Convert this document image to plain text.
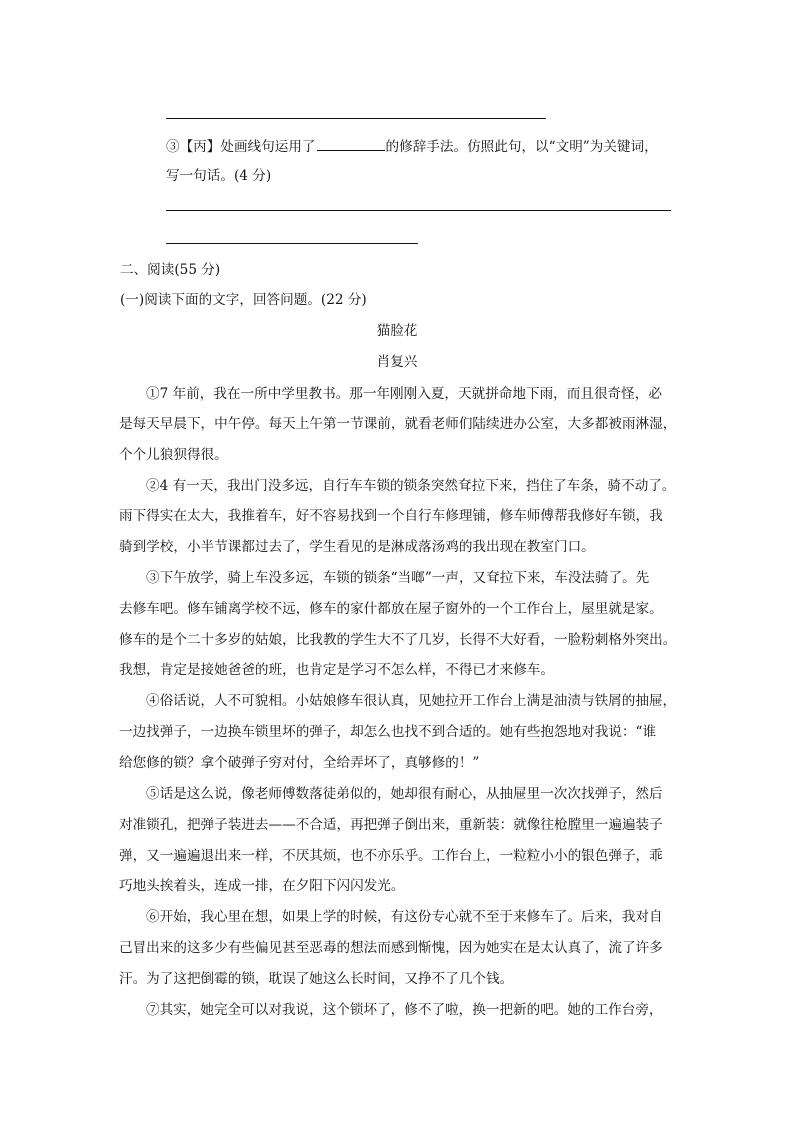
③【丙】处画线句运用了	的修辞手法。仿照此句，以“文明”为关键词，
写一句话。(4 分)
二、阅读(55 分)
(一)阅读下面的文字，回答问题。(22 分)
猫脸花
肖复兴
①7 年前，我在一所中学里教书。那一年刚刚入夏，天就拼命地下雨，而且很奇怪，必
是每天早晨下，中午停。每天上午第一节课前，就看老师们陆续进办公室，大多都被雨淋湿，
个个儿狼狈得很。
②4 有一天，我出门没多远，自行车车锁的锁条突然耷拉下来，挡住了车条，骑不动了。
雨下得实在太大，我推着车，好不容易找到一个自行车修理铺，修车师傅帮我修好车锁，我
骑到学校，小半节课都过去了，学生看见的是淋成落汤鸡的我出现在教室门口。
③下午放学，骑上车没多远，车锁的锁条“当啷”一声，又耷拉下来，车没法骑了。先
去修车吧。修车铺离学校不远，修车的家什都放在屋子窗外的一个工作台上，屋里就是家。
修车的是个二十多岁的姑娘，比我教的学生大不了几岁，长得不大好看，一脸粉刺格外突出。
我想，肯定是接她爸爸的班，也肯定是学习不怎么样，不得已才来修车。
④俗话说，人不可貌相。小姑娘修车很认真，见她拉开工作台上满是油渍与铁屑的抽屉，
一边找弹子，一边换车锁里坏的弹子，却怎么也找不到合适的。她有些抱怨地对我说：“谁
给您修的锁？拿个破弹子穷对付，全给弄坏了，真够修的！”
⑤话是这么说，像老师傅数落徒弟似的，她却很有耐心，从抽屉里一次次找弹子，然后
对准锁孔，把弹子装进去——不合适，再把弹子倒出来，重新装：就像往枪膛里一遍遍装子
弹，又一遍遍退出来一样，不厌其烦，也不亦乐乎。工作台上，一粒粒小小的银色弹子，乖
巧地头挨着头，连成一排，在夕阳下闪闪发光。
⑥开始，我心里在想，如果上学的时候，有这份专心就不至于来修车了。后来，我对自
己冒出来的这多少有些偏见甚至恶毒的想法而感到惭愧，因为她实在是太认真了，流了许多
汗。为了这把倒霉的锁，耽误了她这么长时间，又挣不了几个钱。
⑦其实，她完全可以对我说，这个锁坏了，修不了啦，换一把新的吧。她的工作台旁，
